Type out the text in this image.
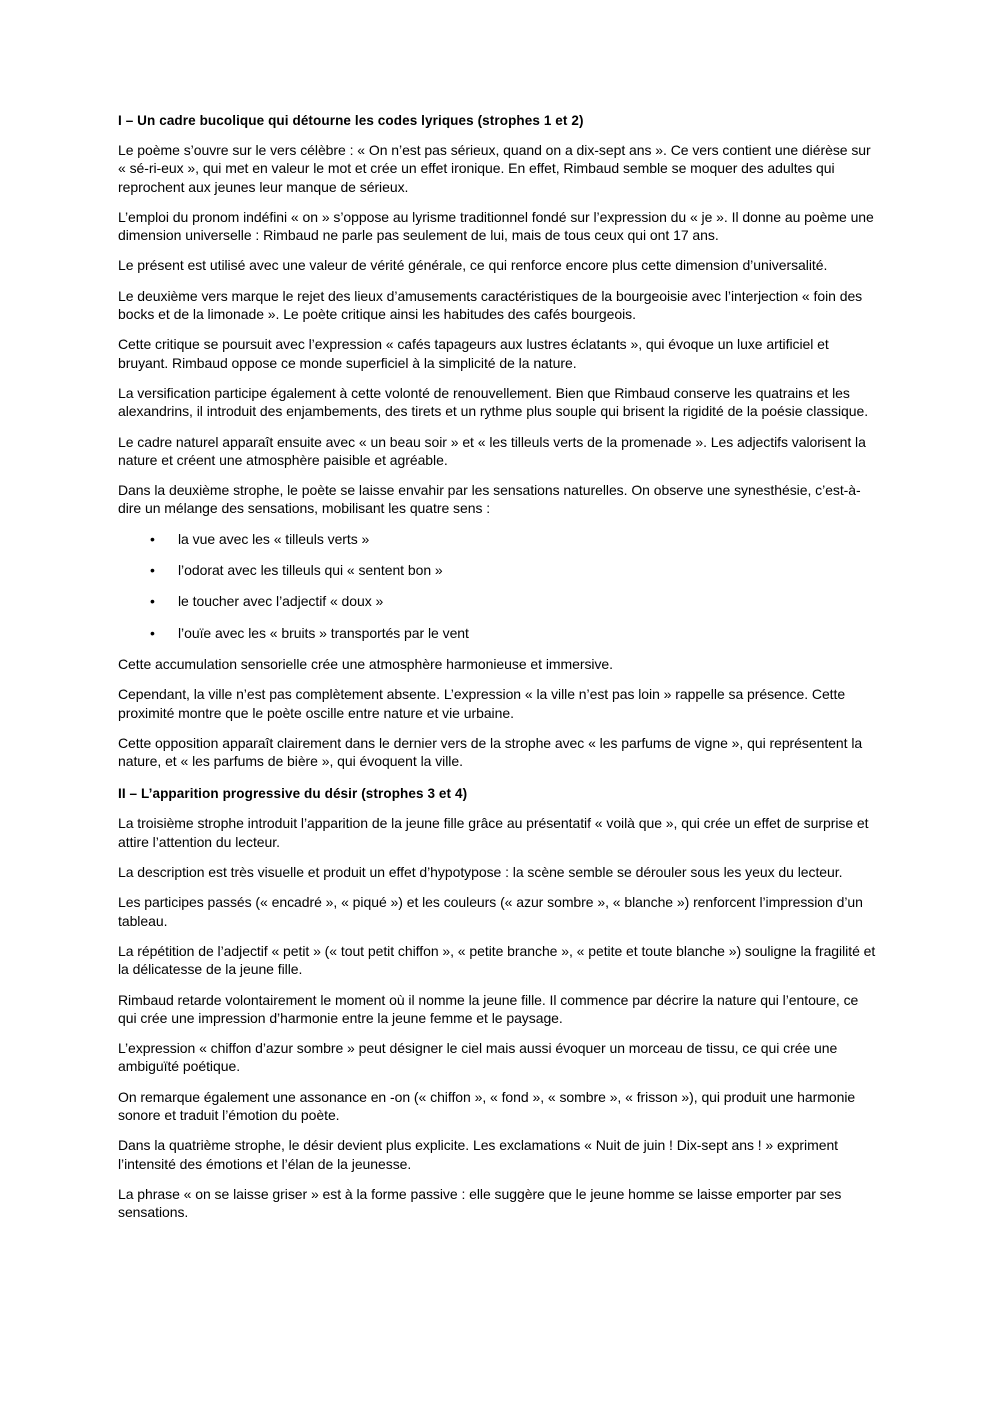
I – Un cadre bucolique qui détourne les codes lyriques (strophes 1 et 2)

Le poème s’ouvre sur le vers célèbre : « On n’est pas sérieux, quand on a dix-sept ans ». Ce vers contient une diérèse sur « sé-ri-eux », qui met en valeur le mot et crée un effet ironique. En effet, Rimbaud semble se moquer des adultes qui reprochent aux jeunes leur manque de sérieux.

L’emploi du pronom indéfini « on » s’oppose au lyrisme traditionnel fondé sur l’expression du « je ». Il donne au poème une dimension universelle : Rimbaud ne parle pas seulement de lui, mais de tous ceux qui ont 17 ans.

Le présent est utilisé avec une valeur de vérité générale, ce qui renforce encore plus cette dimension d’universalité.

Le deuxième vers marque le rejet des lieux d’amusements caractéristiques de la bourgeoisie avec l’interjection « foin des bocks et de la limonade ». Le poète critique ainsi les habitudes des cafés bourgeois.

Cette critique se poursuit avec l’expression « cafés tapageurs aux lustres éclatants », qui évoque un luxe artificiel et bruyant. Rimbaud oppose ce monde superficiel à la simplicité de la nature.

La versification participe également à cette volonté de renouvellement. Bien que Rimbaud conserve les quatrains et les alexandrins, il introduit des enjambements, des tirets et un rythme plus souple qui brisent la rigidité de la poésie classique.

Le cadre naturel apparaît ensuite avec « un beau soir » et « les tilleuls verts de la promenade ». Les adjectifs valorisent la nature et créent une atmosphère paisible et agréable.

Dans la deuxième strophe, le poète se laisse envahir par les sensations naturelles. On observe une synesthésie, c’est-à-dire un mélange des sensations, mobilisant les quatre sens :

• la vue avec les « tilleuls verts »
• l’odorat avec les tilleuls qui « sentent bon »
• le toucher avec l’adjectif « doux »
• l’ouïe avec les « bruits » transportés par le vent

Cette accumulation sensorielle crée une atmosphère harmonieuse et immersive.

Cependant, la ville n’est pas complètement absente. L’expression « la ville n’est pas loin » rappelle sa présence. Cette proximité montre que le poète oscille entre nature et vie urbaine.

Cette opposition apparaît clairement dans le dernier vers de la strophe avec « les parfums de vigne », qui représentent la nature, et « les parfums de bière », qui évoquent la ville.

II – L’apparition progressive du désir (strophes 3 et 4)

La troisième strophe introduit l’apparition de la jeune fille grâce au présentatif « voilà que », qui crée un effet de surprise et attire l’attention du lecteur.

La description est très visuelle et produit un effet d’hypotypose : la scène semble se dérouler sous les yeux du lecteur.

Les participes passés (« encadré », « piqué ») et les couleurs (« azur sombre », « blanche ») renforcent l’impression d’un tableau.

La répétition de l’adjectif « petit » (« tout petit chiffon », « petite branche », « petite et toute blanche ») souligne la fragilité et la délicatesse de la jeune fille.

Rimbaud retarde volontairement le moment où il nomme la jeune fille. Il commence par décrire la nature qui l’entoure, ce qui crée une impression d’harmonie entre la jeune femme et le paysage.

L’expression « chiffon d’azur sombre » peut désigner le ciel mais aussi évoquer un morceau de tissu, ce qui crée une ambiguïté poétique.

On remarque également une assonance en -on (« chiffon », « fond », « sombre », « frisson »), qui produit une harmonie sonore et traduit l’émotion du poète.

Dans la quatrième strophe, le désir devient plus explicite. Les exclamations « Nuit de juin ! Dix-sept ans ! » expriment l’intensité des émotions et l’élan de la jeunesse.

La phrase « on se laisse griser » est à la forme passive : elle suggère que le jeune homme se laisse emporter par ses sensations.
